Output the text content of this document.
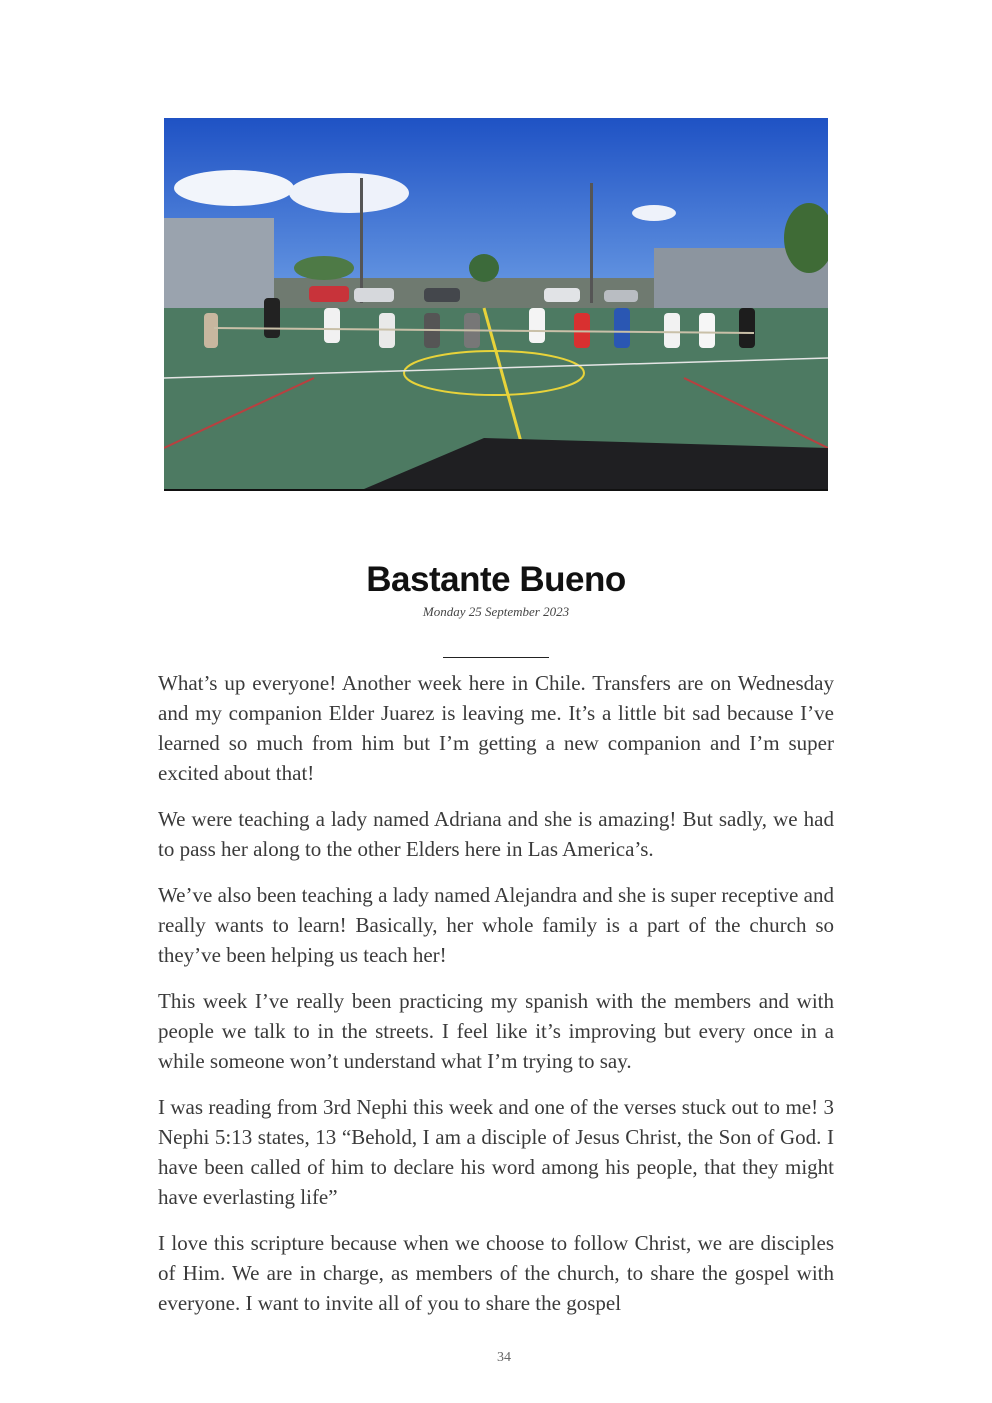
Bastante Bueno
Monday 25 September 2023

What’s up everyone! Another week here in Chile. Transfers are on Wednesday and my companion Elder Juarez is leaving me. It’s a little bit sad because I’ve learned so much from him but I’m getting a new companion and I’m super excited about that!

We were teaching a lady named Adriana and she is amazing! But sadly, we had to pass her along to the other Elders here in Las America’s.

We’ve also been teaching a lady named Alejandra and she is super receptive and really wants to learn! Basically, her whole family is a part of the church so they’ve been helping us teach her!

This week I’ve really been practicing my spanish with the members and with people we talk to in the streets. I feel like it’s improving but every once in a while someone won’t understand what I’m trying to say.

I was reading from 3rd Nephi this week and one of the verses stuck out to me! 3 Nephi 5:13 states, 13 “Behold, I am a disciple of Jesus Christ, the Son of God. I have been called of him to declare his word among his people, that they might have everlasting life”

I love this scripture because when we choose to follow Christ, we are disciples of Him. We are in charge, as members of the church, to share the gospel with everyone. I want to invite all of you to share the gospel

34
